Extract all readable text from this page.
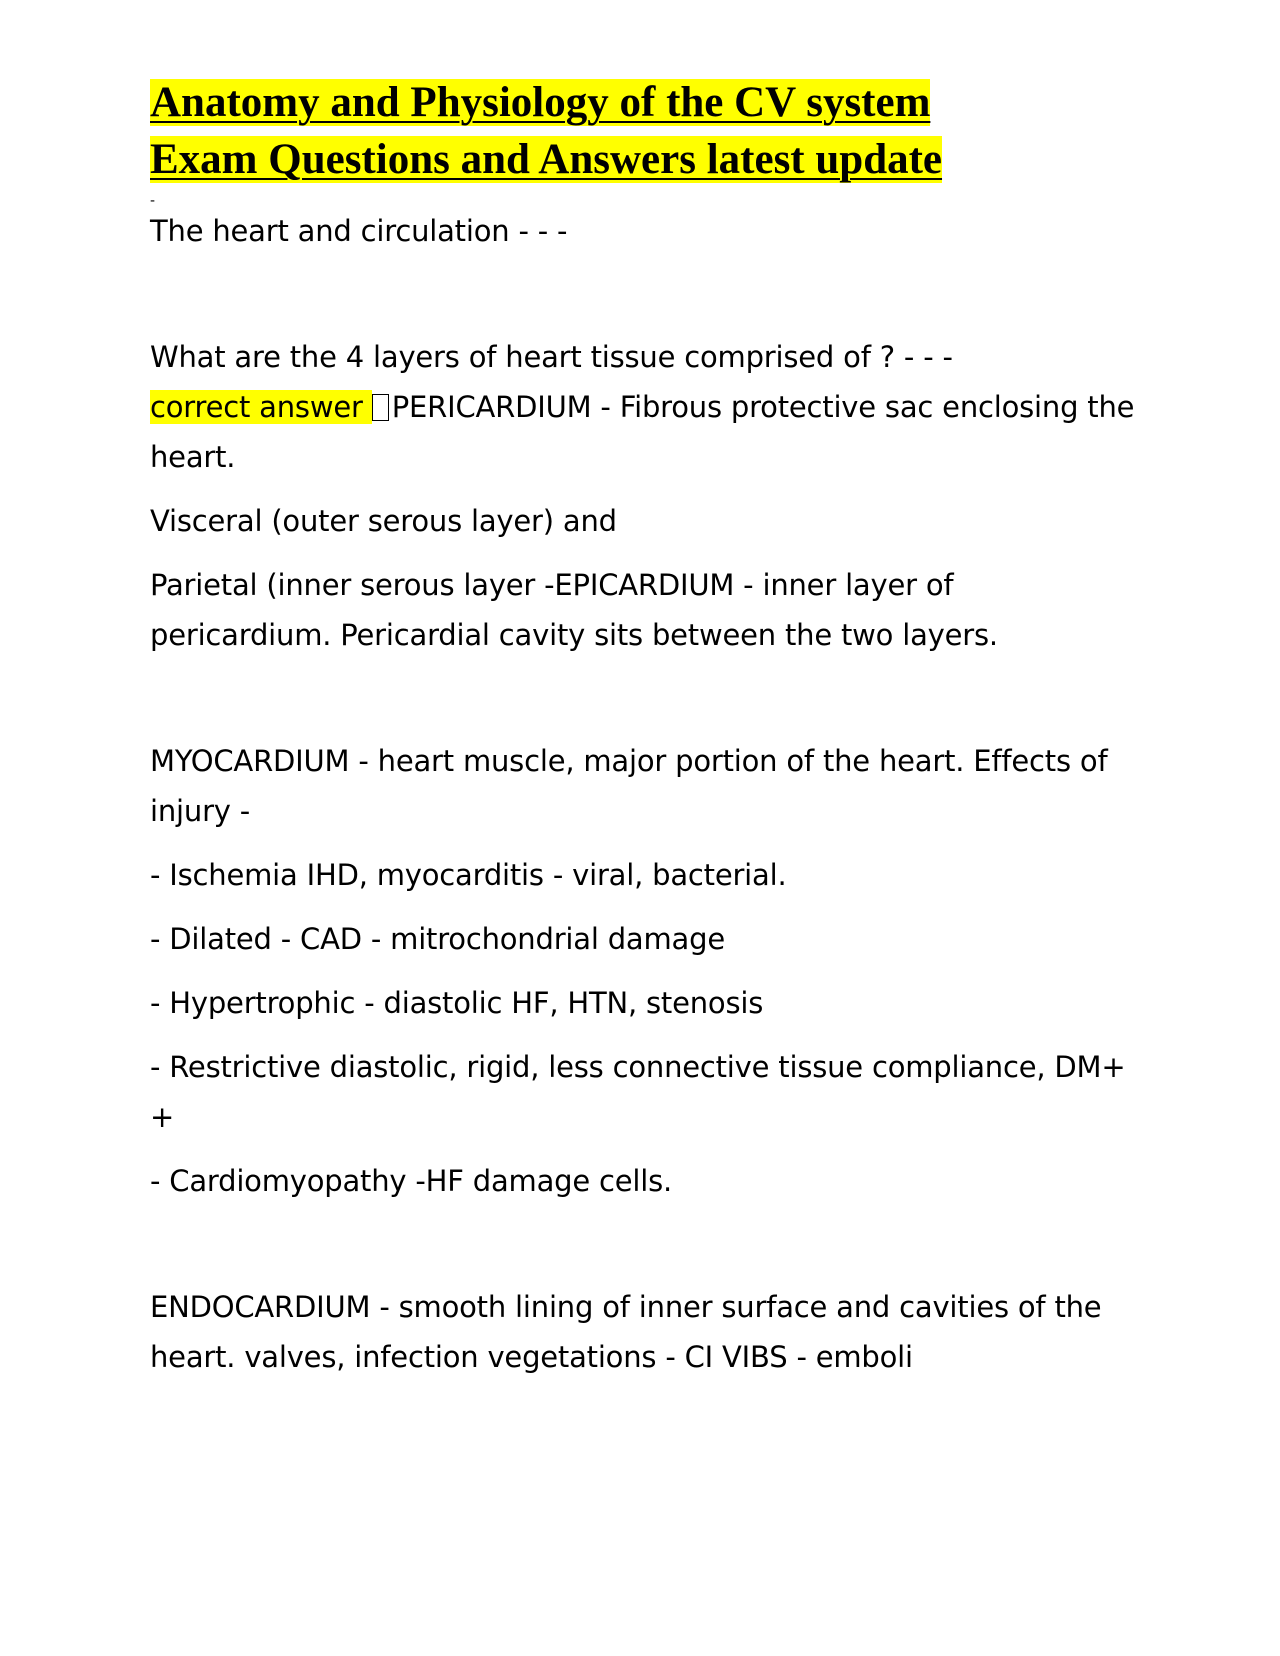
Anatomy and Physiology of the CV system
Exam Questions and Answers latest update
-

The heart and circulation - - -

What are the 4 layers of heart tissue comprised of ? - - -
correct answer PERICARDIUM - Fibrous protective sac enclosing the heart.

Visceral (outer serous layer) and

Parietal (inner serous layer -EPICARDIUM - inner layer of pericardium. Pericardial cavity sits between the two layers.

MYOCARDIUM - heart muscle, major portion of the heart. Effects of injury -

- Ischemia IHD, myocarditis - viral, bacterial.

- Dilated - CAD - mitrochondrial damage

- Hypertrophic - diastolic HF, HTN, stenosis

- Restrictive diastolic, rigid, less connective tissue compliance, DM+ +

- Cardiomyopathy -HF damage cells.

ENDOCARDIUM - smooth lining of inner surface and cavities of the heart. valves, infection vegetations - CI VIBS - emboli
